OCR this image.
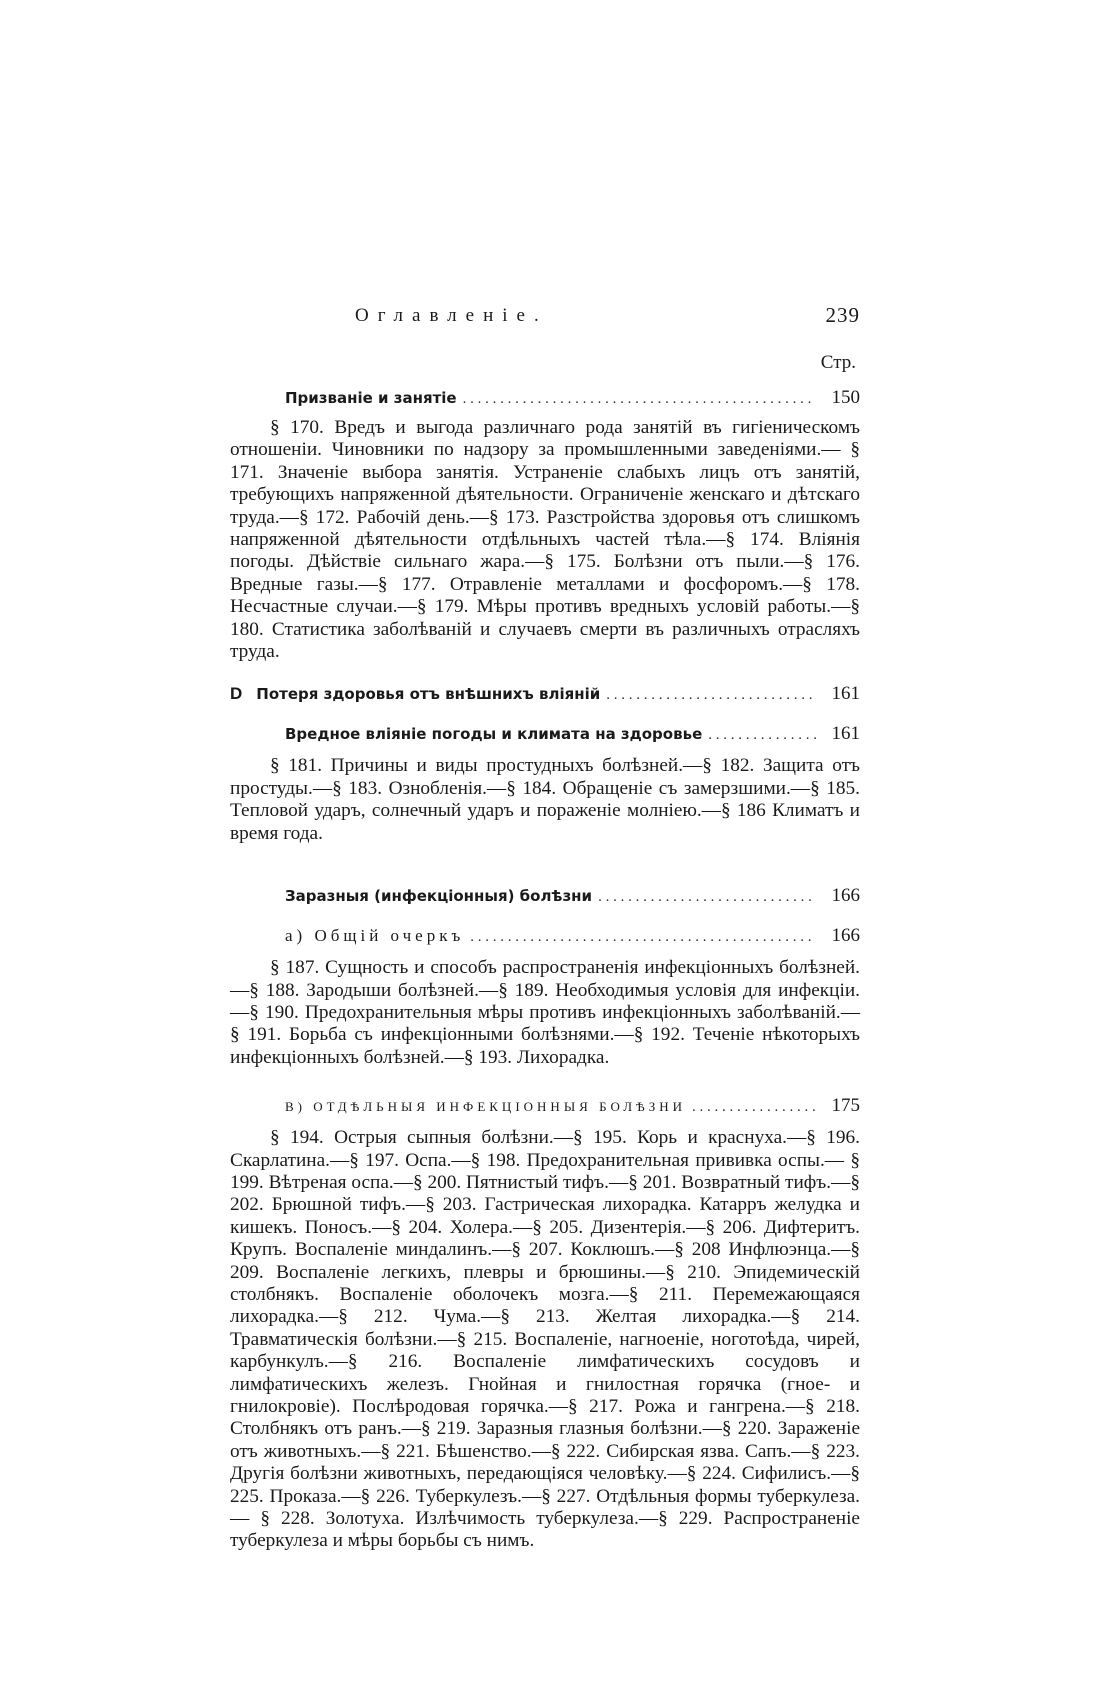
Оглавленiе.	239
Стр.
Призванiе и занятiе . . .	150

§ 170. Вредъ и выгода различнаго рода занятiй въ гигiеническомъ отношенiи. Чиновники по надзору за промышленными заведенiями.— § 171. Значенiе выбора занятiя. Устраненiе слабыхъ лицъ отъ занятiй, требующихъ напряженной дѣятельности. Ограниченiе женскаго и дѣтскаго труда.—§ 172. Рабочiй день.—§ 173. Разстройства здоровья отъ слишкомъ напряженной дѣятельности отдѣльныхъ частей тѣла.—§ 174. Влiянiя погоды. Дѣйствiе сильнаго жара.—§ 175. Болѣзни отъ пыли.—§ 176. Вредные газы.—§ 177. Отравленiе металлами и фосфоромъ.—§ 178. Несчастные случаи.—§ 179. Мѣры противъ вредныхъ условiй работы.—§ 180. Статистика заболѣванiй и случаевъ смерти въ различныхъ отрасляхъ труда.

D Потеря здоровья отъ внѣшнихъ влiянiй . . .	161
Вредное влiянiе погоды и климата на здоровье . . .	161

§ 181. Причины и виды простудныхъ болѣзней.—§ 182. Защита отъ простуды.—§ 183. Ознобленiя.—§ 184. Обращенiе съ замерзшими.—§ 185. Тепловой ударъ, солнечный ударъ и пораженiе молнiею.—§ 186 Климатъ и время года.

Заразныя (инфекцiонныя) болѣзни . . .	166
а) Общiй очеркъ . . .	166

§ 187. Сущность и способъ распространенiя инфекцiонныхъ болѣзней.—§ 188. Зародыши болѣзней.—§ 189. Необходимыя условiя для инфекцiи.—§ 190. Предохранительныя мѣры противъ инфекцiонныхъ заболѣванiй.—§ 191. Борьба съ инфекцiонными болѣзнями.—§ 192. Теченiе нѣкоторыхъ инфекцiонныхъ болѣзней.—§ 193. Лихорадка.

B) ОТДѢЛЬНЫЯ ИНФЕКЦIОННЫЯ БОЛѢЗНИ . . .	175

§ 194. Острыя сыпныя болѣзни.—§ 195. Корь и краснуха.—§ 196. Скарлатина.—§ 197. Оспа.—§ 198. Предохранительная прививка оспы.— § 199. Вѣтреная оспа.—§ 200. Пятнистый тифъ.—§ 201. Возвратный тифъ.—§ 202. Брюшной тифъ.—§ 203. Гастрическая лихорадка. Катарръ желудка и кишекъ. Поносъ.—§ 204. Холера.—§ 205. Дизентерiя.—§ 206. Дифтеритъ. Крупъ. Воспаленiе миндалинъ.—§ 207. Коклюшъ.—§ 208 Инфлюэнца.—§ 209. Воспаленiе легкихъ, плевры и брюшины.—§ 210. Эпидемическiй столбнякъ. Воспаленiе оболочекъ мозга.—§ 211. Перемежающаяся лихорадка.—§ 212. Чума.—§ 213. Желтая лихорадка.—§ 214. Травматическiя болѣзни.—§ 215. Воспаленiе, нагноенiе, ноготоѣда, чирей, карбункулъ.—§ 216. Воспаленiе лимфатическихъ сосудовъ и лимфатическихъ железъ. Гнойная и гнилостная горячка (гное- и гнилокровiе). Послѣродовая горячка.—§ 217. Рожа и гангрена.—§ 218. Столбнякъ отъ ранъ.—§ 219. Заразныя глазныя болѣзни.—§ 220. Зараженiе отъ животныхъ.—§ 221. Бѣшенство.—§ 222. Сибирская язва. Сапъ.—§ 223. Другiя болѣзни животныхъ, передающiяся человѣку.—§ 224. Сифилисъ.—§ 225. Проказа.—§ 226. Туберкулезъ.—§ 227. Отдѣльныя формы туберкулеза.— § 228. Золотуха. Излѣчимость туберкулеза.—§ 229. Распространенiе туберкулеза и мѣры борьбы съ нимъ.
